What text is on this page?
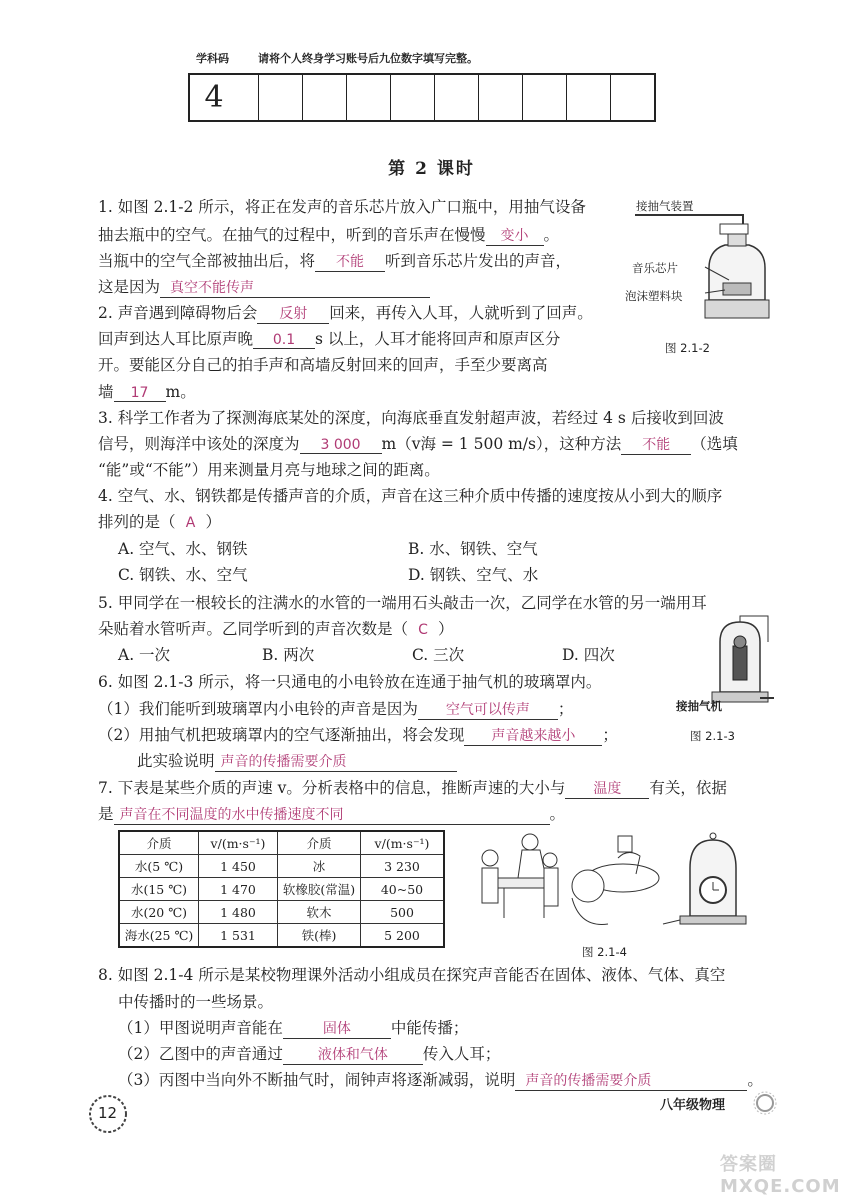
学科码	请将个人终身学习账号后九位数字填写完整。
4
第 2 课时
1. 如图 2.1-2 所示，将正在发声的音乐芯片放入广口瓶中，用抽气设备
抽去瓶中的空气。在抽气的过程中，听到的音乐声在慢慢 变小 。
当瓶中的空气全部被抽出后，将 不能 听到音乐芯片发出的声音，
这是因为 真空不能传声
接抽气装置
音乐芯片
泡沫塑料块
图 2.1-2
2. 声音遇到障碍物后会 反射 回来，再传入人耳，人就听到了回声。
回声到达人耳比原声晚 0.1 s 以上，人耳才能将回声和原声区分
开。要能区分自己的拍手声和高墙反射回来的回声，手至少要离高
墙 17 m。
3. 科学工作者为了探测海底某处的深度，向海底垂直发射超声波，若经过 4 s 后接收到回波
信号，则海洋中该处的深度为 3 000 m（v海 = 1 500 m/s），这种方法 不能 （选填
“能”或“不能”）用来测量月亮与地球之间的距离。
4. 空气、水、钢铁都是传播声音的介质，声音在这三种介质中传播的速度按从小到大的顺序
排列的是（ A ）
A. 空气、水、钢铁	B. 水、钢铁、空气
C. 钢铁、水、空气	D. 钢铁、空气、水
5. 甲同学在一根较长的注满水的水管的一端用石头敲击一次，乙同学在水管的另一端用耳
朵贴着水管听声。乙同学听到的声音次数是（ C ）
A. 一次	B. 两次	C. 三次	D. 四次
接抽气机
图 2.1-3
6. 如图 2.1-3 所示，将一只通电的小电铃放在连通于抽气机的玻璃罩内。
（1）我们能听到玻璃罩内小电铃的声音是因为 空气可以传声 ；
（2）用抽气机把玻璃罩内的空气逐渐抽出，将会发现 声音越来越小 ；
此实验说明 声音的传播需要介质
7. 下表是某些介质的声速 v。分析表格中的信息，推断声速的大小与 温度 有关，依据
是 声音在不同温度的水中传播速度不同	。
介质	v/(m·s⁻¹)	介质	v/(m·s⁻¹)
水(5 ℃)	1 450	冰	3 230
水(15 ℃)	1 470	软橡胶(常温)	40~50
水(20 ℃)	1 480	软木	500
海水(25 ℃)	1 531	铁(棒)	5 200
图 2.1-4
8. 如图 2.1-4 所示是某校物理课外活动小组成员在探究声音能否在固体、液体、气体、真空
中传播时的一些场景。
（1）甲图说明声音能在	固体	中能传播；
（2）乙图中的声音通过	液体和气体 传入人耳；
（3）丙图中当向外不断抽气时，闹钟声将逐渐减弱，说明 声音的传播需要介质	。
12	八年级物理
答案圈 MXQE.COM
